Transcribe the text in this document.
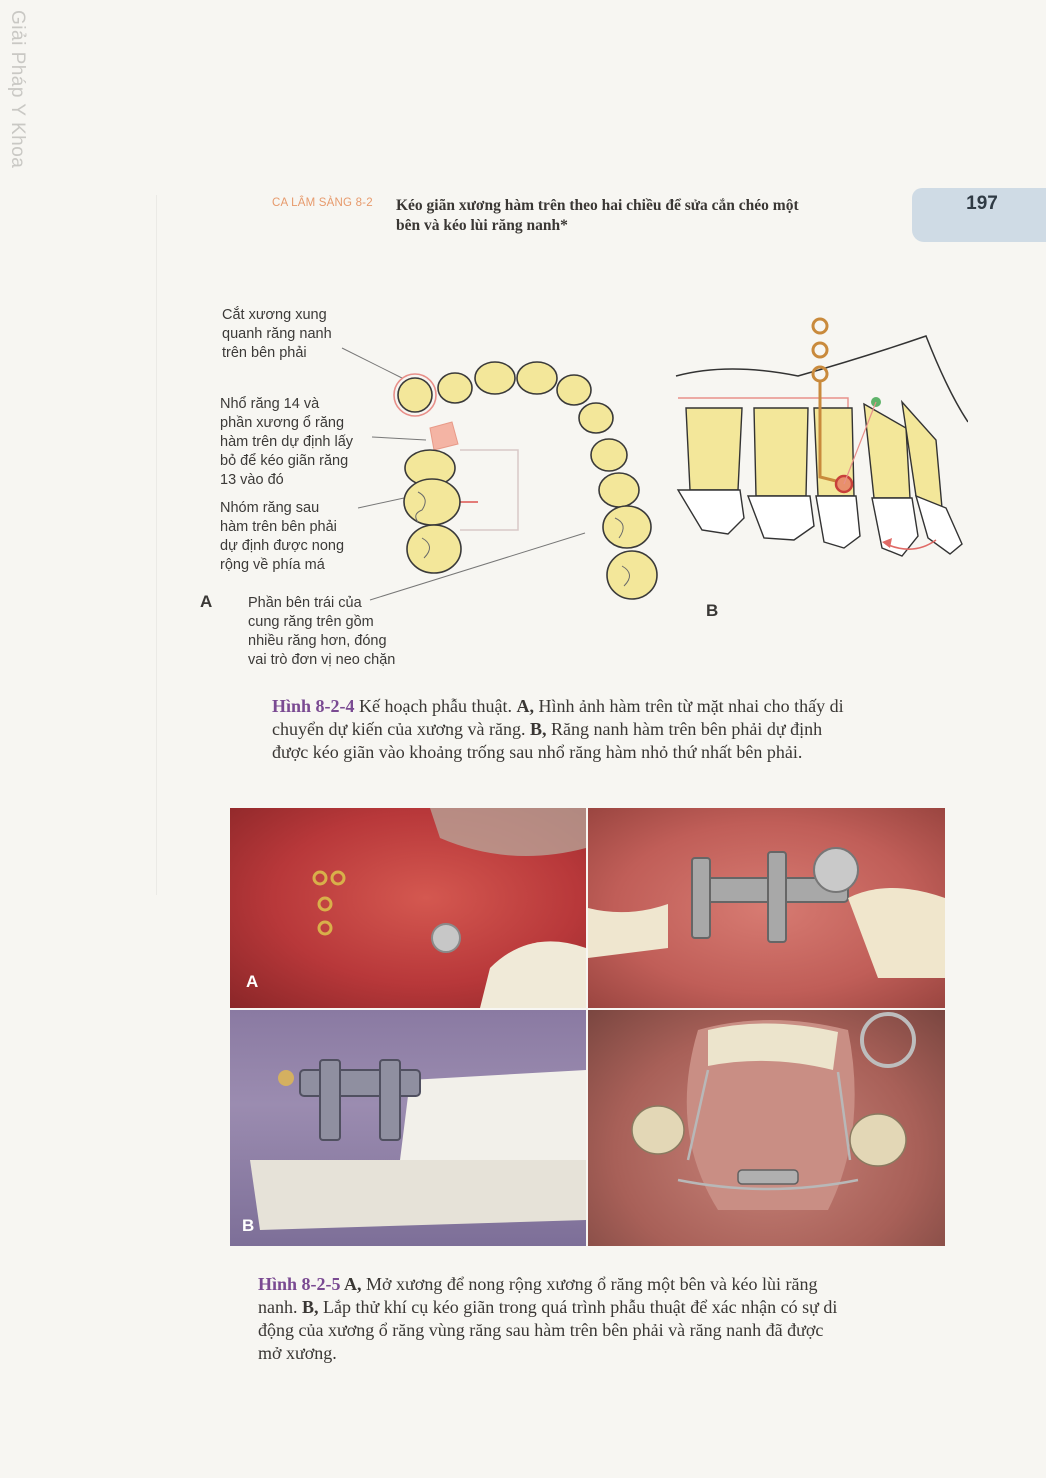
Giải Pháp Y Khoa
CA LÂM SÀNG 8-2 Kéo giãn xương hàm trên theo hai chiều để sửa cắn chéo một
bên và kéo lùi răng nanh*
197
Cắt xương xung
quanh răng nanh
trên bên phải
Nhổ răng 14 và
phần xương ổ răng
hàm trên dự định lấy
bỏ để kéo giãn răng
13 vào đó
Nhóm răng sau
hàm trên bên phải
dự định được nong
rộng về phía má
Phần bên trái của
cung răng trên gồm
nhiều răng hơn, đóng
vai trò đơn vị neo chặn
A	B
Hình 8-2-4 Kế hoạch phẫu thuật. A, Hình ảnh hàm trên từ mặt nhai cho thấy di
chuyển dự kiến của xương và răng. B, Răng nanh hàm trên bên phải dự định
được kéo giãn vào khoảng trống sau nhổ răng hàm nhỏ thứ nhất bên phải.
A
B
Hình 8-2-5 A, Mở xương để nong rộng xương ổ răng một bên và kéo lùi răng
nanh. B, Lắp thử khí cụ kéo giãn trong quá trình phẫu thuật để xác nhận có sự di
động của xương ổ răng vùng răng sau hàm trên bên phải và răng nanh đã được
mở xương.
